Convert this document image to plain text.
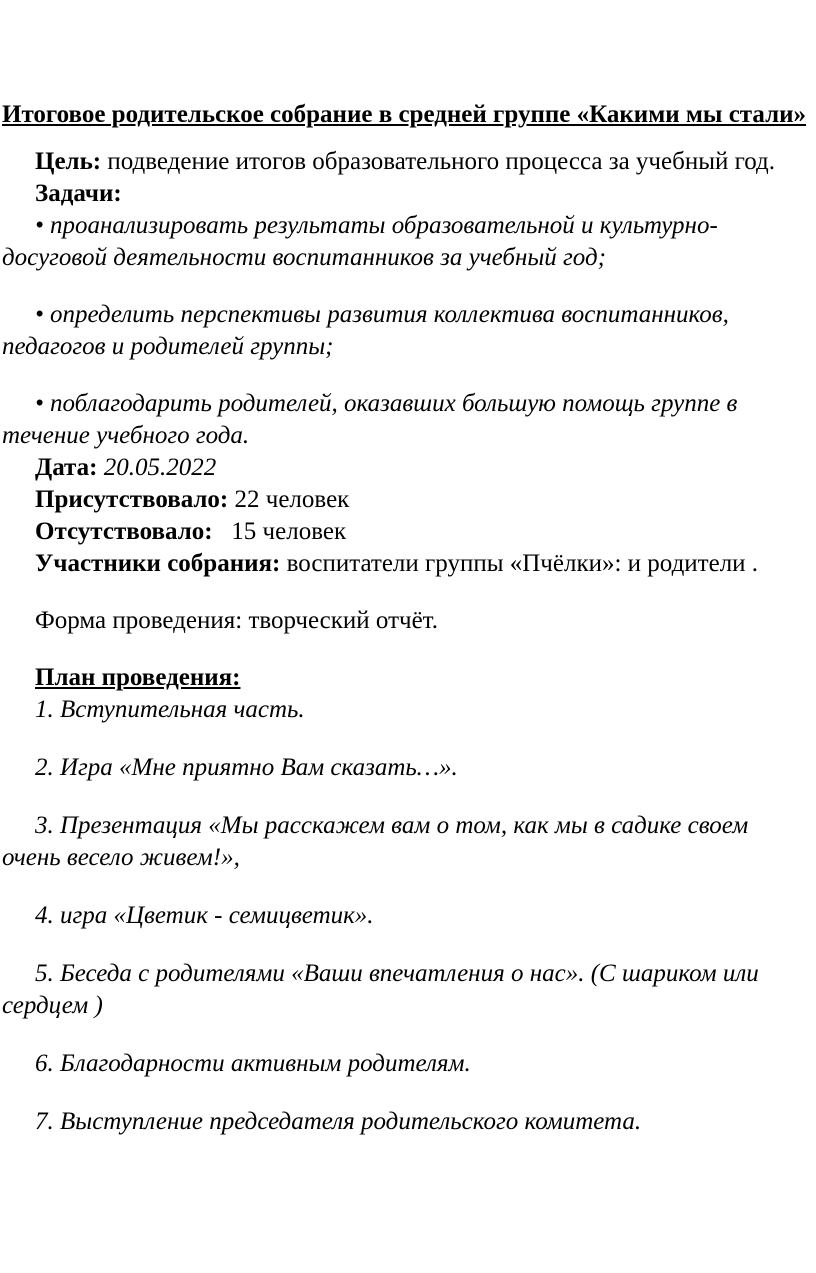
Итоговое родительское собрание в средней группе «Какими мы стали»

Цель: подведение итогов образовательного процесса за учебный год.

Задачи:

• проанализировать результаты образовательной и культурно-досуговой деятельности воспитанников за учебный год;

• определить перспективы развития коллектива воспитанников, педагогов и родителей группы;

• поблагодарить родителей, оказавших большую помощь группе в течение учебного года.

Дата: 20.05.2022

Присутствовало: 22 человек

Отсутствовало:   15 человек

Участники собрания: воспитатели группы «Пчёлки»: и родители .

Форма проведения: творческий отчёт.

План проведения:

1. Вступительная часть.

2. Игра «Мне приятно Вам сказать…».

3. Презентация «Мы расскажем вам о том, как мы в садике своем очень весело живем!»,

4. игра «Цветик - семицветик».

5. Беседа с родителями «Ваши впечатления о нас». (С шариком или сердцем )

6. Благодарности активным родителям.

7. Выступление председателя родительского комитета.
